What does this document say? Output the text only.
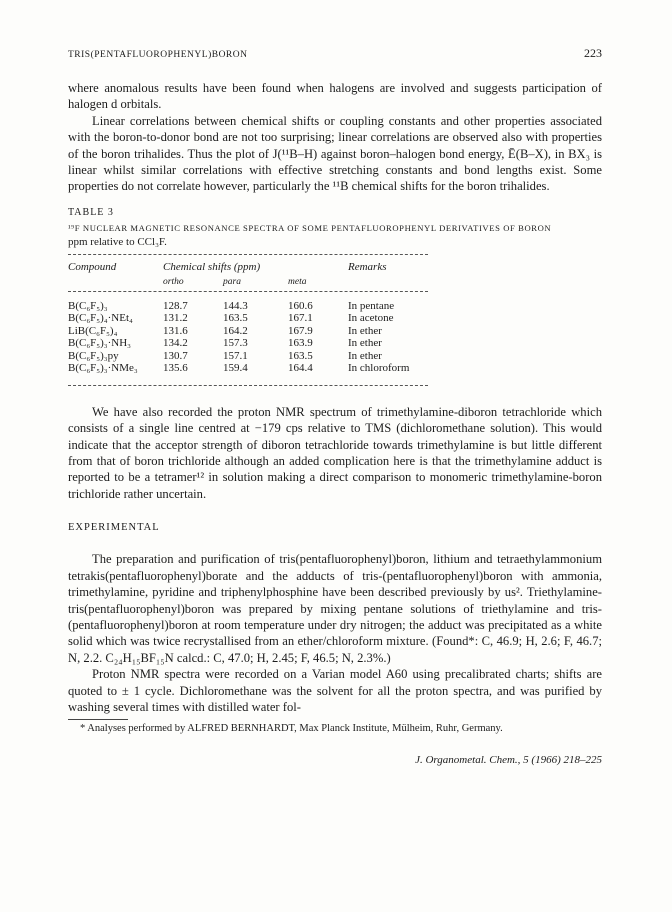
TRIS(PENTAFLUOROPHENYL)BORON	223

where anomalous results have been found when halogens are involved and suggests participation of halogen d orbitals.

Linear correlations between chemical shifts or coupling constants and other properties associated with the boron-to-donor bond are not too surprising; linear correlations are observed also with properties of the boron trihalides. Thus the plot of J(¹¹B–H) against boron–halogen bond energy, Ē(B–X), in BX₃ is linear whilst similar correlations with effective stretching constants and bond lengths exist. Some properties do not correlate however, particularly the ¹¹B chemical shifts for the boron trihalides.

TABLE 3
¹⁹F NUCLEAR MAGNETIC RESONANCE SPECTRA OF SOME PENTAFLUOROPHENYL DERIVATIVES OF BORON
ppm relative to CCl₃F.
Compound	Chemical shifts (ppm)			Remarks
	ortho	para	meta	

B(C₆F₅)₃	128.7	144.3	160.6	In pentane
B(C₆F₅)₄·NEt₄	131.2	163.5	167.1	In acetone
LiB(C₆F₅)₄	131.6	164.2	167.9	In ether
B(C₆F₅)₃·NH₃	134.2	157.3	163.9	In ether
B(C₆F₅)₃py	130.7	157.1	163.5	In ether
B(C₆F₅)₃·NMe₃	135.6	159.4	164.4	In chloroform

We have also recorded the proton NMR spectrum of trimethylamine-diboron tetrachloride which consists of a single line centred at −179 cps relative to TMS (dichloromethane solution). This would indicate that the acceptor strength of diboron tetrachloride towards trimethylamine is but little different from that of boron trichloride although an added complication here is that the trimethylamine adduct is reported to be a tetramer¹² in solution making a direct comparison to monomeric trimethylamine-boron trichloride rather uncertain.

EXPERIMENTAL

The preparation and purification of tris(pentafluorophenyl)boron, lithium and tetraethylammonium tetrakis(pentafluorophenyl)borate and the adducts of tris-(pentafluorophenyl)boron with ammonia, trimethylamine, pyridine and triphenylphosphine have been described previously by us². Triethylamine-tris(pentafluorophenyl)boron was prepared by mixing pentane solutions of triethylamine and tris-(pentafluorophenyl)boron at room temperature under dry nitrogen; the adduct was precipitated as a white solid which was twice recrystallised from an ether/chloroform mixture. (Found*: C, 46.9; H, 2.6; F, 46.7; N, 2.2. C₂₄H₁₅BF₁₅N calcd.: C, 47.0; H, 2.45; F, 46.5; N, 2.3%.)

Proton NMR spectra were recorded on a Varian model A60 using precalibrated charts; shifts are quoted to ± 1 cycle. Dichloromethane was the solvent for all the proton spectra, and was purified by washing several times with distilled water fol-

* Analyses performed by ALFRED BERNHARDT, Max Planck Institute, Mülheim, Ruhr, Germany.
J. Organometal. Chem., 5 (1966) 218–225
